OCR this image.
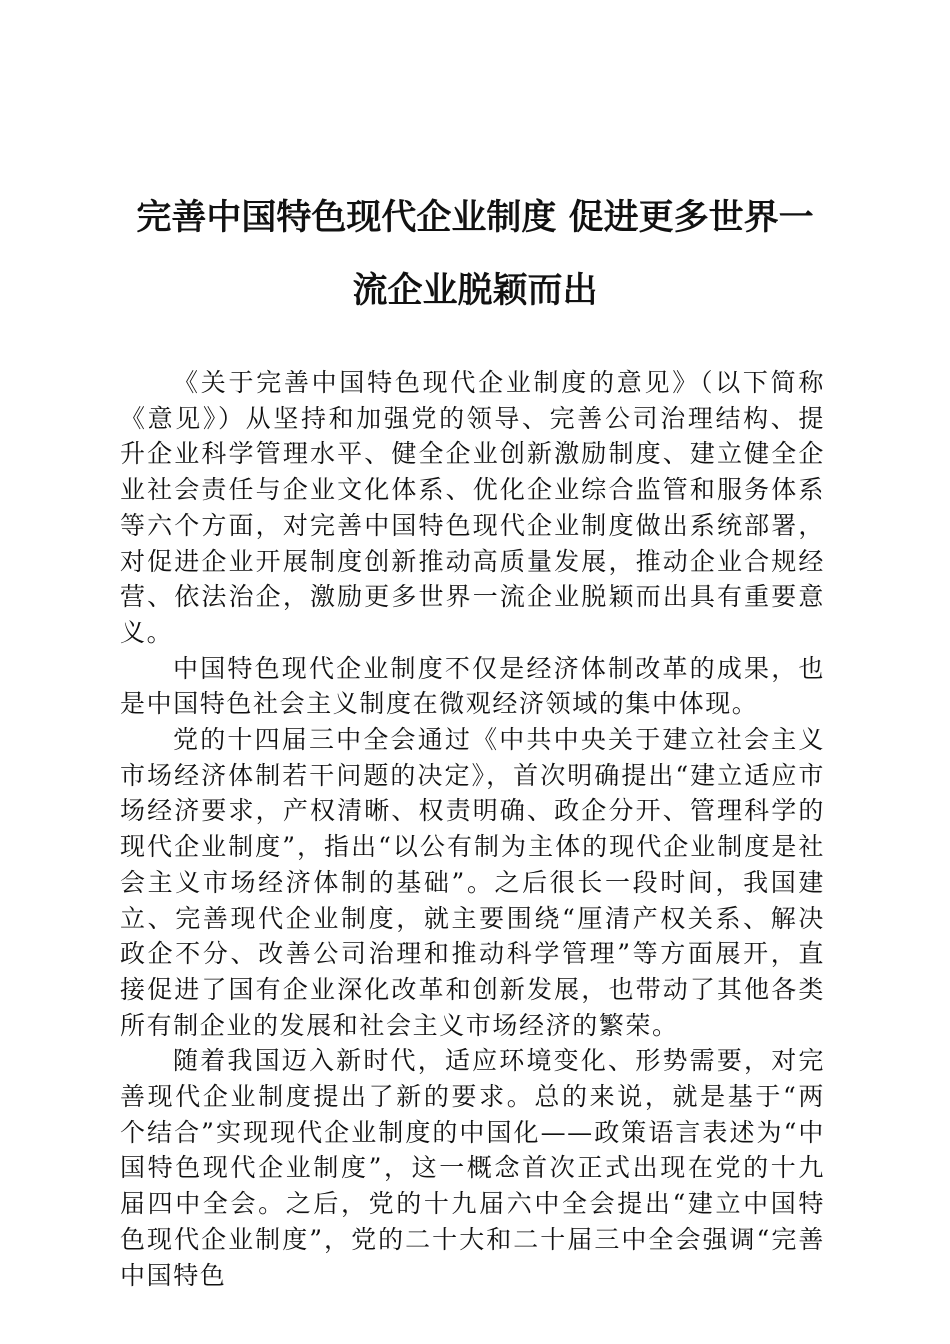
完善中国特色现代企业制度 促进更多世界一
流企业脱颖而出

《关于完善中国特色现代企业制度的意见》（以下简称《意见》）从坚持和加强党的领导、完善公司治理结构、提升企业科学管理水平、健全企业创新激励制度、建立健全企业社会责任与企业文化体系、优化企业综合监管和服务体系等六个方面，对完善中国特色现代企业制度做出系统部署，对促进企业开展制度创新推动高质量发展，推动企业合规经营、依法治企，激励更多世界一流企业脱颖而出具有重要意义。

中国特色现代企业制度不仅是经济体制改革的成果，也是中国特色社会主义制度在微观经济领域的集中体现。

党的十四届三中全会通过《中共中央关于建立社会主义市场经济体制若干问题的决定》，首次明确提出“建立适应市场经济要求，产权清晰、权责明确、政企分开、管理科学的现代企业制度”，指出“以公有制为主体的现代企业制度是社会主义市场经济体制的基础”。之后很长一段时间，我国建立、完善现代企业制度，就主要围绕“厘清产权关系、解决政企不分、改善公司治理和推动科学管理”等方面展开，直接促进了国有企业深化改革和创新发展，也带动了其他各类所有制企业的发展和社会主义市场经济的繁荣。

随着我国迈入新时代，适应环境变化、形势需要，对完善现代企业制度提出了新的要求。总的来说，就是基于“两个结合”实现现代企业制度的中国化——政策语言表述为“中国特色现代企业制度”，这一概念首次正式出现在党的十九届四中全会。之后，党的十九届六中全会提出“建立中国特色现代企业制度”，党的二十大和二十届三中全会强调“完善中国特色
